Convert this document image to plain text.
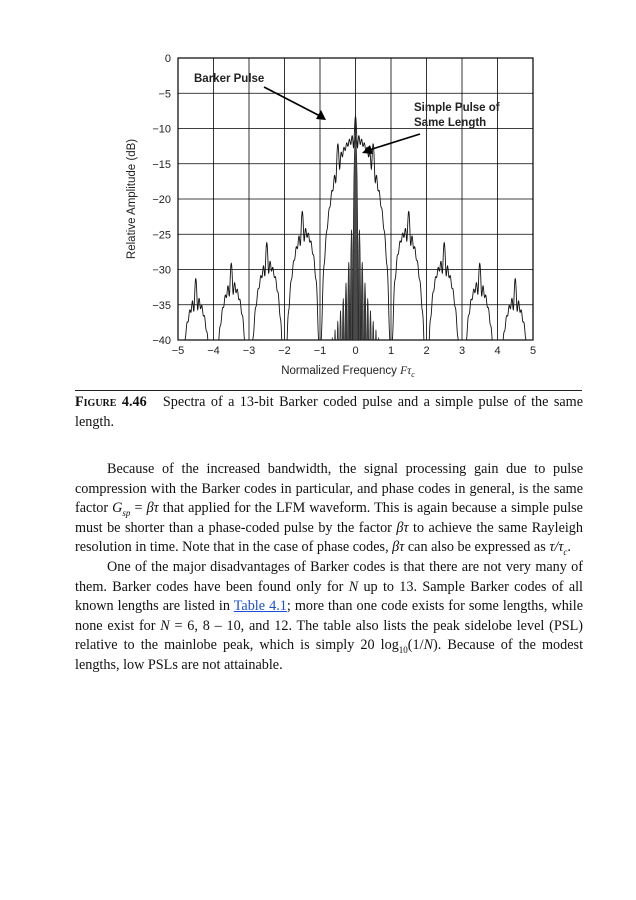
0
−5
−10
−15
−20
−25
−30
−35
−40
−5 −4 −3 −2 −1 0	1	2	3	4	5
Relative Amplitude (dB)
Normalized Frequency $F\tau_c$
Barker Pulse
Simple Pulse of
Same Length
Figure 4.46 Spectra of a 13-bit Barker coded pulse and a simple pulse of the same length.

Because of the increased bandwidth, the signal processing gain due to pulse compression with the Barker codes in particular, and phase codes in general, is the same factor $G_{sp} = \beta\tau$ that applied for the LFM waveform. This is again because a simple pulse must be shorter than a phase-coded pulse by the factor βτ to achieve the same Rayleigh resolution in time. Note that in the case of phase codes, βτ can also be expressed as $\tau/\tau_c$.

One of the major disadvantages of Barker codes is that there are not very many of them. Barker codes have been found only for N up to 13. Sample Barker codes of all known lengths are listed in Table 4.1; more than one code exists for some lengths, while none exist for N = 6, 8 – 10, and 12. The table also lists the peak sidelobe level (PSL) relative to the mainlobe peak, which is simply 20 $\log_{10}(1/N)$. Because of the modest lengths, low PSLs are not attainable.
